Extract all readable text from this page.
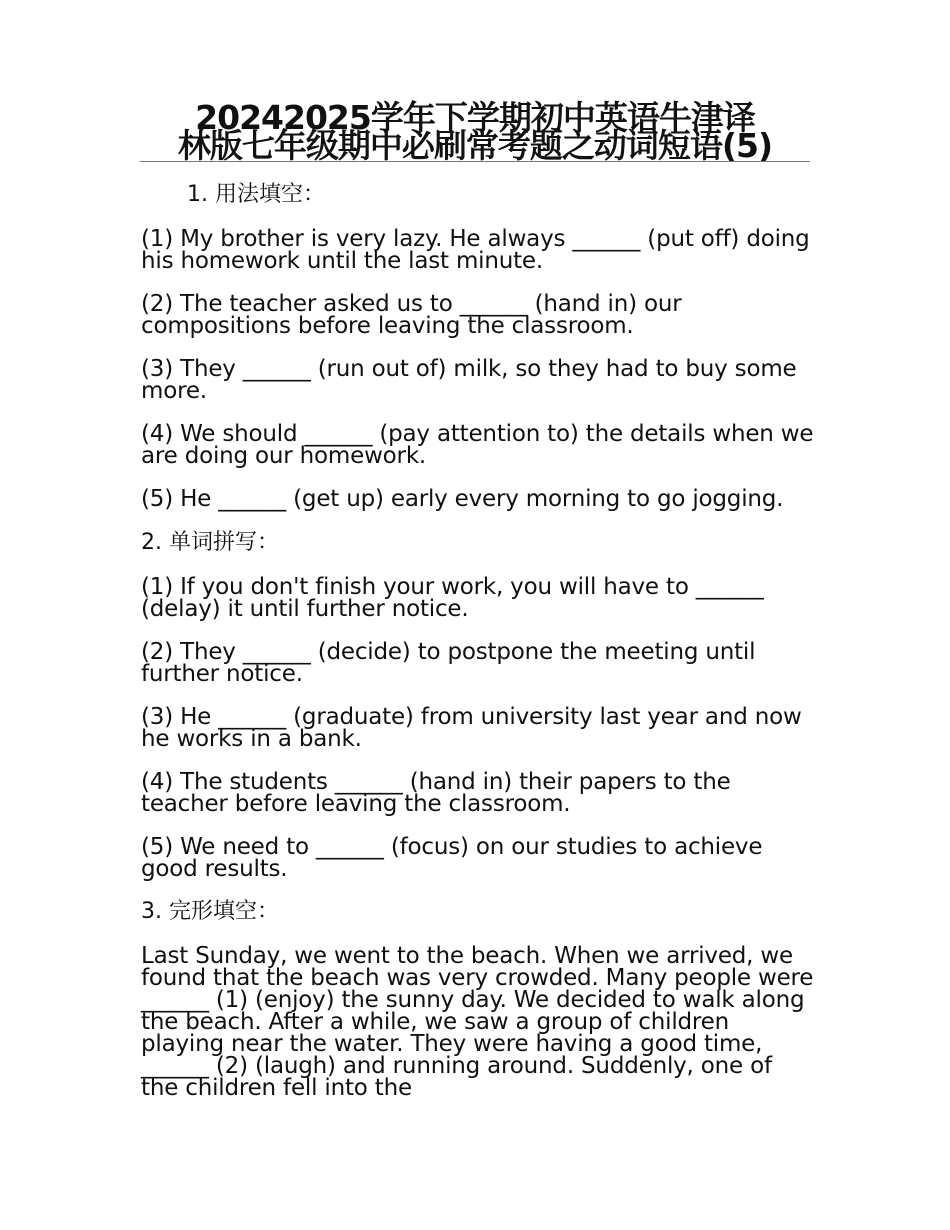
20242025学年下学期初中英语牛津译
林版七年级期中必刷常考题之动词短语(5)
1. 用法填空：

(1) My brother is very lazy. He always ______ (put off) doing his homework until the last minute.

(2) The teacher asked us to ______ (hand in) our compositions before leaving the classroom.

(3) They ______ (run out of) milk, so they had to buy some more.

(4) We should ______ (pay attention to) the details when we are doing our homework.

(5) He ______ (get up) early every morning to go jogging.

2. 单词拼写：

(1) If you don't finish your work, you will have to ______ (delay) it until further notice.

(2) They ______ (decide) to postpone the meeting until further notice.

(3) He ______ (graduate) from university last year and now he works in a bank.

(4) The students ______ (hand in) their papers to the teacher before leaving the classroom.

(5) We need to ______ (focus) on our studies to achieve good results.

3. 完形填空：

Last Sunday, we went to the beach. When we arrived, we found that the beach was very crowded. Many people were ______ (1) (enjoy) the sunny day. We decided to walk along the beach. After a while, we saw a group of children playing near the water. They were having a good time, ______ (2) (laugh) and running around. Suddenly, one of the children fell into the
